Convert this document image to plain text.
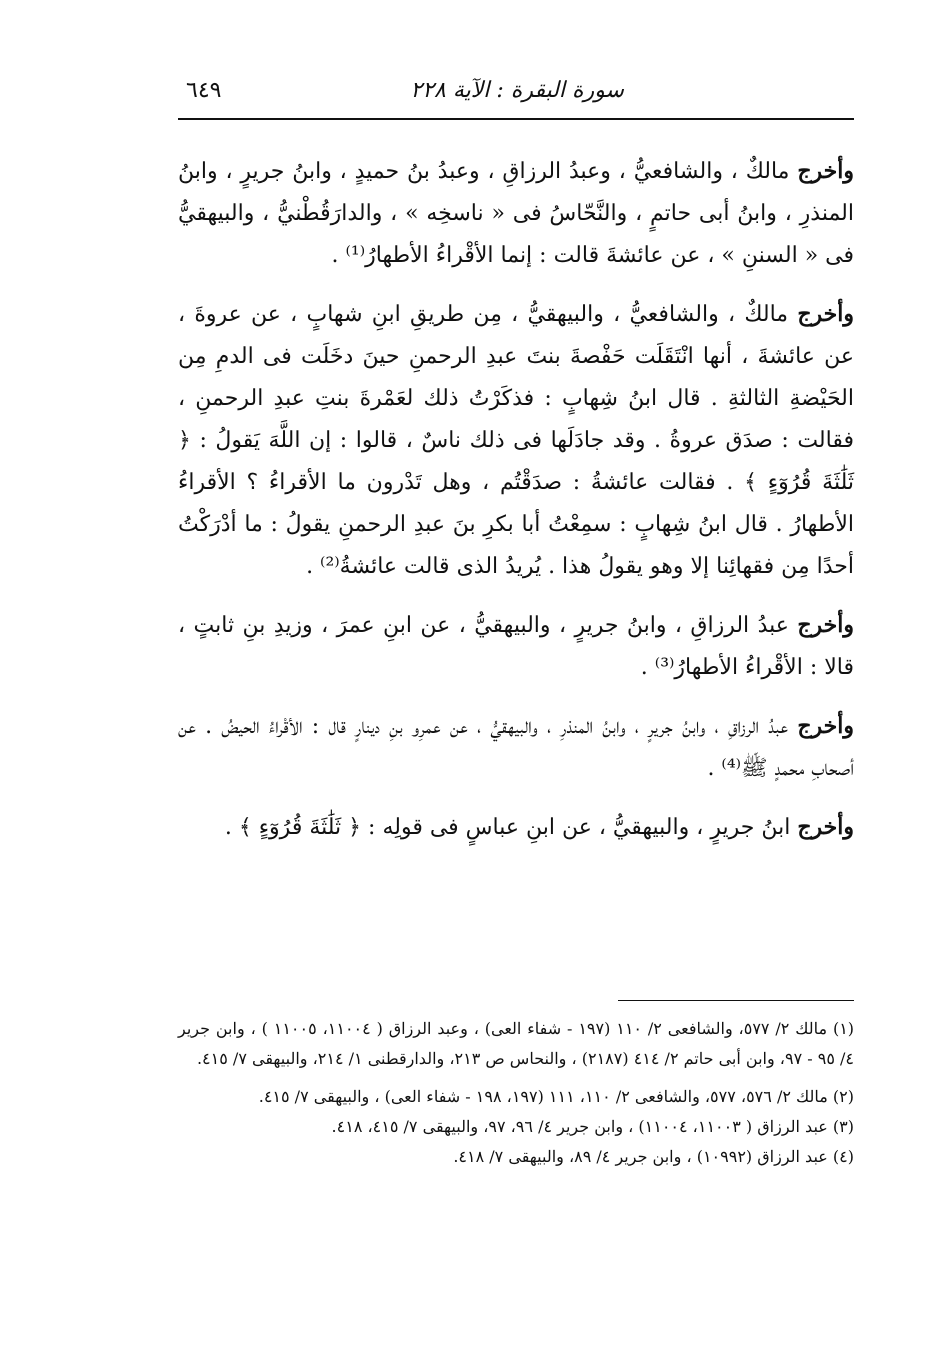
٦٤٩	سورة البقرة : الآية ٢٢٨

وأخرج مالكٌ ، والشافعيُّ ، وعبدُ الرزاقِ ، وعبدُ بنُ حميدٍ ، وابنُ جريرٍ ، وابنُ المنذرِ ، وابنُ أبى حاتمٍ ، والنَّحّاسُ فى « ناسخِه » ، والدارَقُطْنيُّ ، والبيهقيُّ فى « السننِ » ، عن عائشةَ قالت : إنما الأقْراءُ الأطهارُ⁽¹⁾ .

وأخرج مالكٌ ، والشافعيُّ ، والبيهقيُّ ، مِن طريقِ ابنِ شهابٍ ، عن عروةَ ، عن عائشةَ ، أنها انْتَقَلَت حَفْصةَ بنتَ عبدِ الرحمنِ حينَ دخَلَت فى الدمِ مِن الحَيْضةِ الثالثةِ . قال ابنُ شِهابٍ : فذكَرْتُ ذلك لعَمْرةَ بنتِ عبدِ الرحمنِ ، فقالت : صدَق عروةُ . وقد جادَلَها فى ذلك ناسٌ ، قالوا : إن اللَّهَ يَقولُ : ﴿ ثَلَٰثَةَ قُرُوٓءٍ ﴾ . فقالت عائشةُ : صدَقْتُم ، وهل تَدْرون ما الأقراءُ ؟ الأقراءُ الأطهارُ . قال ابنُ شِهابٍ : سمِعْتُ أبا بكرِ بنَ عبدِ الرحمنِ يقولُ : ما أدْرَكْتُ أحدًا مِن فقهائِنا إلا وهو يقولُ هذا . يُريدُ الذى قالت عائشةُ⁽²⁾ .

وأخرج عبدُ الرزاقِ ، وابنُ جريرٍ ، والبيهقيُّ ، عن ابنِ عمرَ ، وزيدِ بنِ ثابتٍ ، قالا : الأقْراءُ الأطهارُ⁽³⁾ .

وأخرج عبدُ الرزاقِ ، وابنُ جريرٍ ، وابنُ المنذرِ ، والبيهقيُّ ، عن عمرِو بنِ دينارٍ قال : الأقْراءُ الحيضُ . عن أصحابِ محمدٍ ﷺ⁽⁴⁾ .

وأخرج ابنُ جريرٍ ، والبيهقيُّ ، عن ابنِ عباسٍ فى قولِه : ﴿ ثَلَٰثَةَ قُرُوٓءٍ ﴾ .

(١) مالك ٢/ ٥٧٧، والشافعى ٢/ ١١٠ (١٩٧ - شفاء العى) ، وعبد الرزاق ( ١١٠٠٤، ١١٠٠٥ ) ، وابن جرير ٤/ ٩٥ - ٩٧، وابن أبى حاتم ٢/ ٤١٤ (٢١٨٧) ، والنحاس ص ٢١٣، والدارقطنى ١/ ٢١٤، والبيهقى ٧/ ٤١٥.

(٢) مالك ٢/ ٥٧٦، ٥٧٧، والشافعى ٢/ ١١٠، ١١١ (١٩٧، ١٩٨ - شفاء العى) ، والبيهقى ٧/ ٤١٥.

(٣) عبد الرزاق ( ١١٠٠٣، ١١٠٠٤) ، وابن جرير ٤/ ٩٦، ٩٧، والبيهقى ٧/ ٤١٥، ٤١٨.

(٤) عبد الرزاق (١٠٩٩٢) ، وابن جرير ٤/ ٨٩، والبيهقى ٧/ ٤١٨.
